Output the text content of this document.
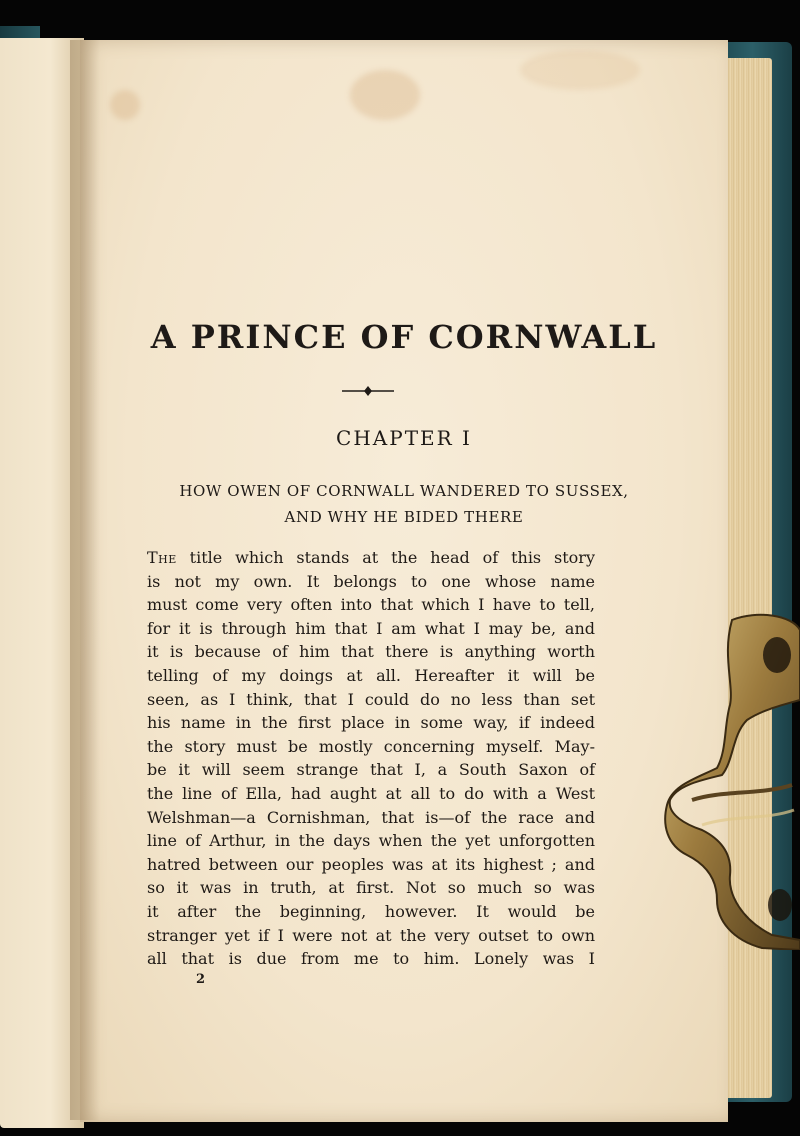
A PRINCE OF CORNWALL
CHAPTER I
HOW OWEN OF CORNWALL WANDERED TO SUSSEX,
AND WHY HE BIDED THERE
The title which stands at the head of this story
is not my own. It belongs to one whose name
must come very often into that which I have to tell,
for it is through him that I am what I may be, and
it is because of him that there is anything worth
telling of my doings at all. Hereafter it will be
seen, as I think, that I could do no less than set
his name in the first place in some way, if indeed
the story must be mostly concerning myself. May-
be it will seem strange that I, a South Saxon of
the line of Ella, had aught at all to do with a West
Welshman—a Cornishman, that is—of the race and
line of Arthur, in the days when the yet unforgotten
hatred between our peoples was at its highest ; and
so it was in truth, at first. Not so much so was
it after the beginning, however. It would be
stranger yet if I were not at the very outset to own
all that is due from me to him. Lonely was I
2
